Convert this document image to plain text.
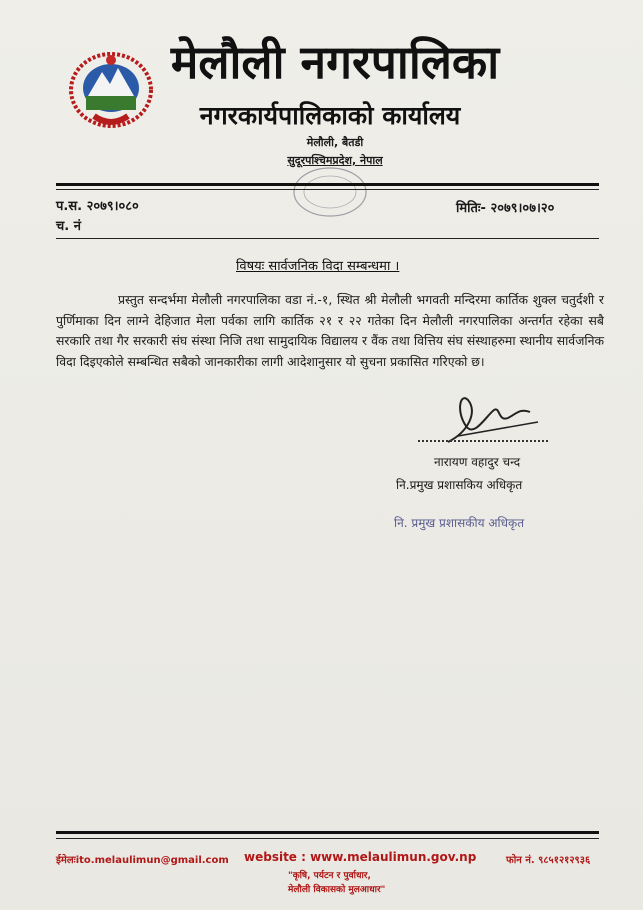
मेलौली नगरपालिका
नगरकार्यपालिकाको कार्यालय
मेलौली, बैतडी
सुदूरपश्चिमप्रदेश, नेपाल
प.स. २०७९।०८०
च. नं
मितिः- २०७९।०७।२०
विषयः सार्वजनिक विदा सम्बन्धमा ।
प्रस्तुत सन्दर्भमा मेलौली नगरपालिका वडा नं.-१, स्थित श्री मेलौली भगवती मन्दिरमा कार्तिक शुक्ल चतुर्दशी र पुर्णिमाका दिन लाग्ने देहिजात मेला पर्वका लागि कार्तिक २१ र २२ गतेका दिन मेलौली नगरपालिका अन्तर्गत रहेका सबै सरकारि तथा गैर सरकारी संघ संस्था निजि तथा सामुदायिक विद्यालय र वैंक तथा वित्तिय संघ संस्थाहरुमा स्थानीय सार्वजनिक विदा दिइएकोले सम्बन्धित सबैको जानकारीका लागी आदेशानुसार यो सुचना प्रकासित गरिएको छ।
नारायण वहादुर चन्द
नि.प्रमुख प्रशासकिय अधिकृत
नि. प्रमुख प्रशासकीय अधिकृत
ईमेलःito.melaulimun@gmail.com website : www.melaulimun.gov.np	फोन नं. ९८५१२१२९३६
"कृषि, पर्यटन र पुर्वाधार,
मेलौली विकासको मुलआधार"
